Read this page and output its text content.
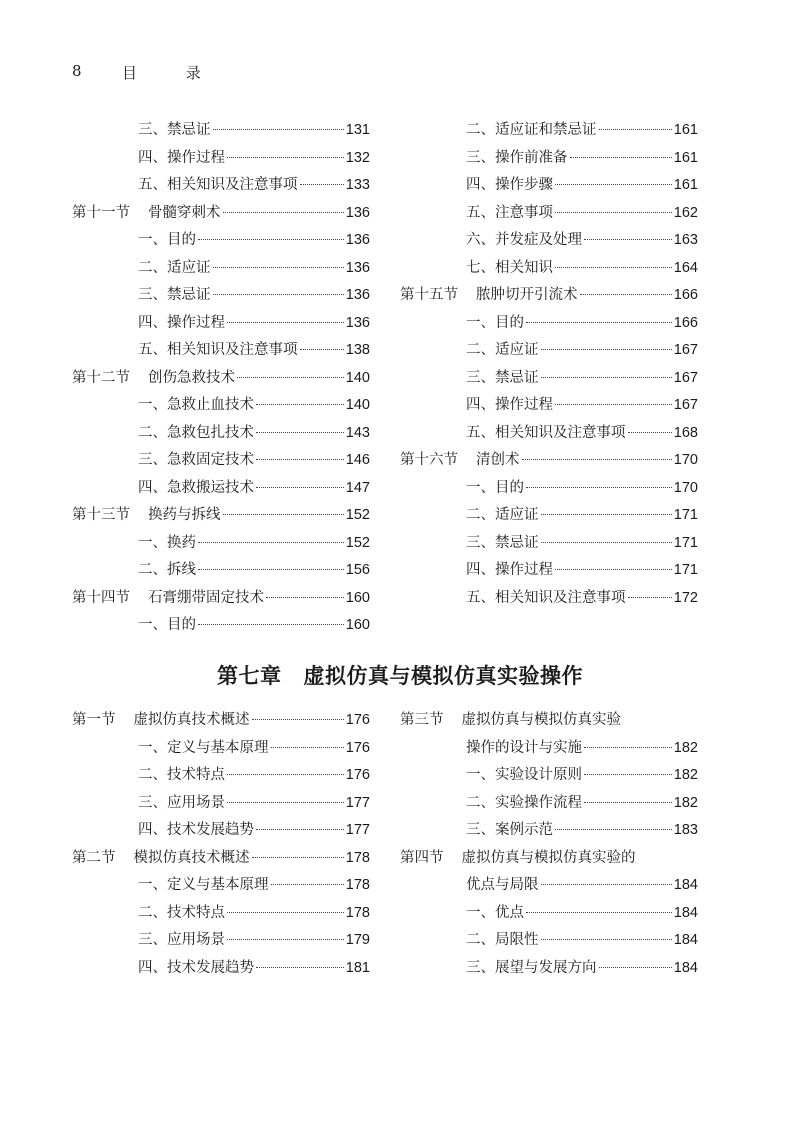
8	目 录
三、禁忌证	131
四、操作过程	132
五、相关知识及注意事项	133
第十一节 骨髓穿刺术	136
一、目的	136
二、适应证	136
三、禁忌证	136
四、操作过程	136
五、相关知识及注意事项	138
第十二节 创伤急救技术	140
一、急救止血技术	140
二、急救包扎技术	143
三、急救固定技术	146
四、急救搬运技术	147
第十三节 换药与拆线	152
一、换药	152
二、拆线	156
第十四节 石膏绷带固定技术	160
一、目的	160
二、适应证和禁忌证	161
三、操作前准备	161
四、操作步骤	161
五、注意事项	162
六、并发症及处理	163
七、相关知识	164
第十五节 脓肿切开引流术	166
一、目的	166
二、适应证	167
三、禁忌证	167
四、操作过程	167
五、相关知识及注意事项	168
第十六节 清创术	170
一、目的	170
二、适应证	171
三、禁忌证	171
四、操作过程	171
五、相关知识及注意事项	172
第七章 虚拟仿真与模拟仿真实验操作
第一节 虚拟仿真技术概述	176
一、定义与基本原理	176
二、技术特点	176
三、应用场景	177
四、技术发展趋势	177
第二节 模拟仿真技术概述	178
一、定义与基本原理	178
二、技术特点	178
三、应用场景	179
四、技术发展趋势	181
第三节 虚拟仿真与模拟仿真实验
操作的设计与实施	182
一、实验设计原则	182
二、实验操作流程	182
三、案例示范	183
第四节 虚拟仿真与模拟仿真实验的
优点与局限	184
一、优点	184
二、局限性	184
三、展望与发展方向	184
